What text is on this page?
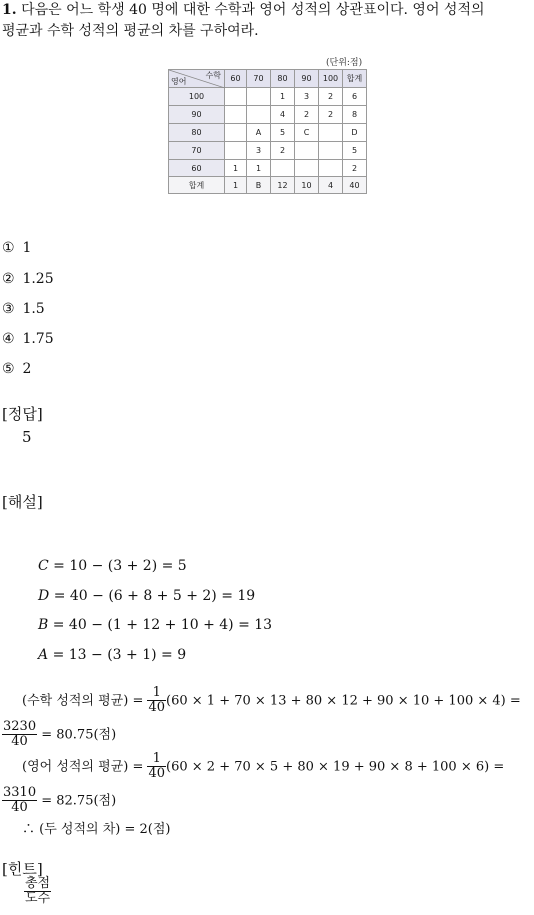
1. 다음은 어느 학생 40 명에 대한 수학과 영어 성적의 상관표이다. 영어 성적의
평균과 수학 성적의 평균의 차를 구하여라.
(단위:점)
수학
영어	60	70	80	90	100	합계
100			1	3	2	6
90			4	2	2	8
80		A	5	C		D
70		3	2			5
60	1	1				2
합계	1	B	12	10	4	40
① 1
② 1.25
③ 1.5
④ 1.75
⑤ 2
[정답]
5
[해설]
C = 10 − (3 + 2) = 5
D = 40 − (6 + 8 + 5 + 2) = 19
B = 40 − (1 + 12 + 10 + 4) = 13
A = 13 − (3 + 1) = 9
(수학 성적의 평균) = $\frac{1}{40} (60 \times 1 + 70 \times 13 + 80 \times 12 + 90 \times 10 + 100 \times 4)$ =
$\frac{3230}{40} = 80.75$(점)
(영어 성적의 평균) = $\frac{1}{40} (60 \times 2 + 70 \times 5 + 80 \times 19 + 90 \times 8 + 100 \times 6)$ =
$\frac{3310}{40} = 82.75$(점)
∴ (두 성적의 차) = 2(점)
[힌트]
$\frac{\text{총점}}{\text{도수}}$
